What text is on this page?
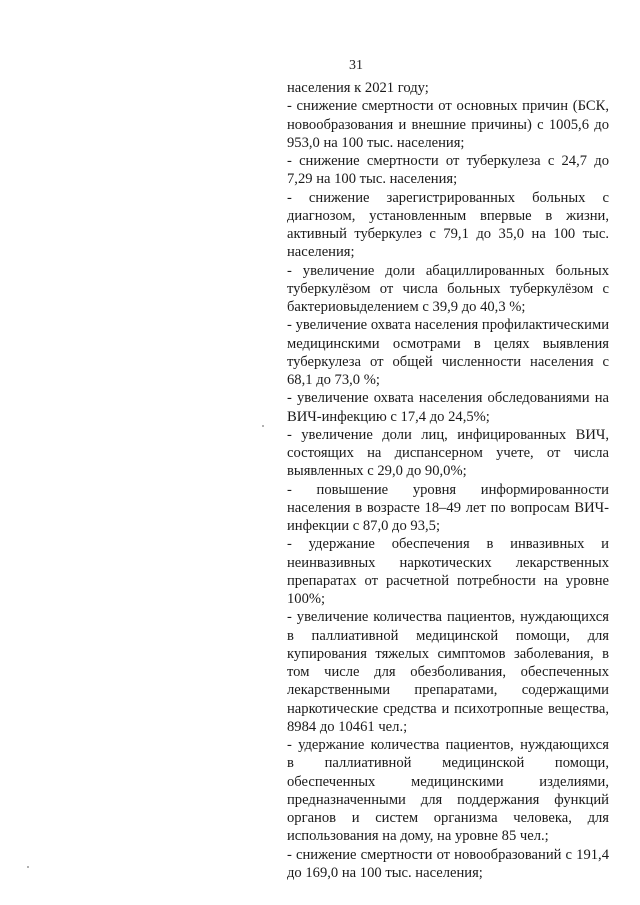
31

населения к 2021 году;

- снижение смертности от основных причин (БСК, новообразования и внешние причины) с 1005,6 до 953,0 на 100 тыс. населения;

- снижение смертности от туберкулеза с 24,7 до 7,29 на 100 тыс. населения;

- снижение зарегистрированных больных с диагнозом, установленным впервые в жизни, активный туберкулез с 79,1 до 35,0 на 100 тыс. населения;

- увеличение доли абациллированных больных туберкулёзом от числа больных туберкулёзом с бактериовыделением с 39,9 до 40,3 %;

- увеличение охвата населения профилактическими медицинскими осмотрами в целях выявления туберкулеза от общей численности населения с 68,1 до 73,0 %;

- увеличение охвата населения обследованиями на ВИЧ-инфекцию с 17,4 до 24,5%;

- увеличение доли лиц, инфицированных ВИЧ, состоящих на диспансерном учете, от числа выявленных с 29,0 до 90,0%;

- повышение уровня информированности населения в возрасте 18–49 лет по вопросам ВИЧ-инфекции с 87,0 до 93,5;

- удержание обеспечения в инвазивных и неинвазивных наркотических лекарственных препаратах от расчетной потребности на уровне 100%;

- увеличение количества пациентов, нуждающихся в паллиативной медицинской помощи, для купирования тяжелых симптомов заболевания, в том числе для обезболивания, обеспеченных лекарственными препаратами, содержащими наркотические средства и психотропные вещества, 8984 до 10461 чел.;

- удержание количества пациентов, нуждающихся в паллиативной медицинской помощи, обеспеченных медицинскими изделиями, предназначенными для поддержания функций органов и систем организма человека, для использования на дому, на уровне 85 чел.;

- снижение смертности от новообразований с 191,4 до 169,0 на 100 тыс. населения;
